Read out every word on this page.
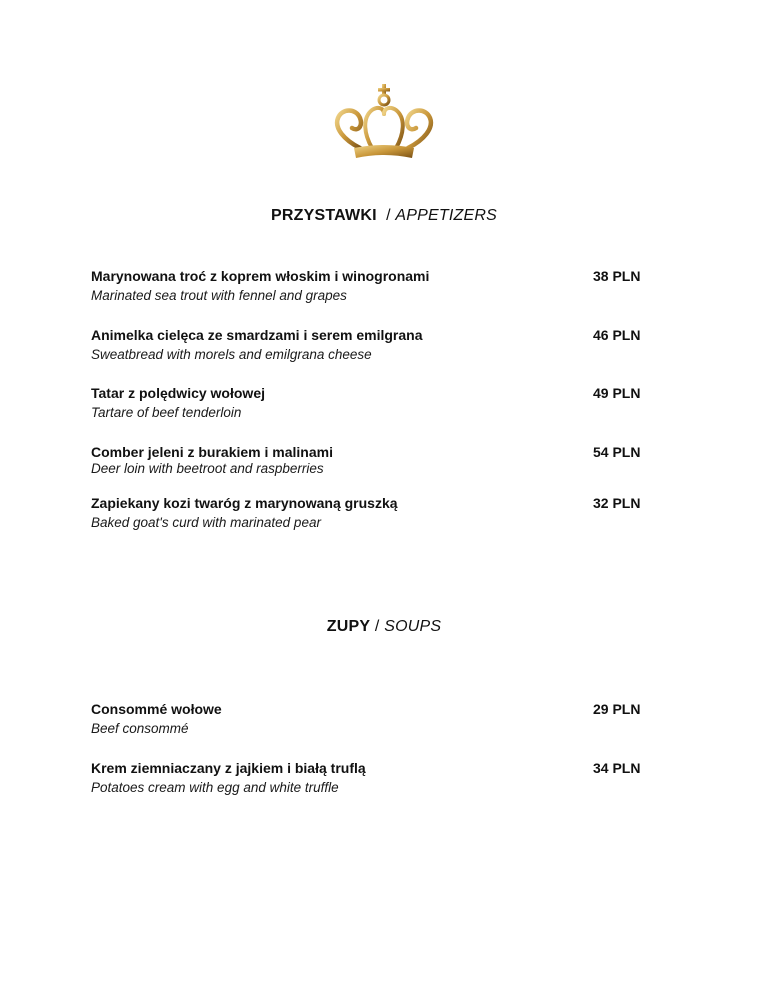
PRZYSTAWKI / APPETIZERS
Marynowana troć z koprem włoskim i winogronami
Marinated sea trout with fennel and grapes
38 PLN
Animelka cielęca ze smardzami i serem emilgrana
Sweatbread with morels and emilgrana cheese
46 PLN
Tatar z polędwicy wołowej
Tartare of beef tenderloin
49 PLN
Comber jeleni z burakiem i malinami
Deer loin with beetroot and raspberries
54 PLN
Zapiekany kozi twaróg z marynowaną gruszką
Baked goat's curd with marinated pear
32 PLN
ZUPY / SOUPS
Consommé wołowe
Beef consommé
29 PLN
Krem ziemniaczany z jajkiem i białą truflą
Potatoes cream with egg and white truffle
34 PLN
